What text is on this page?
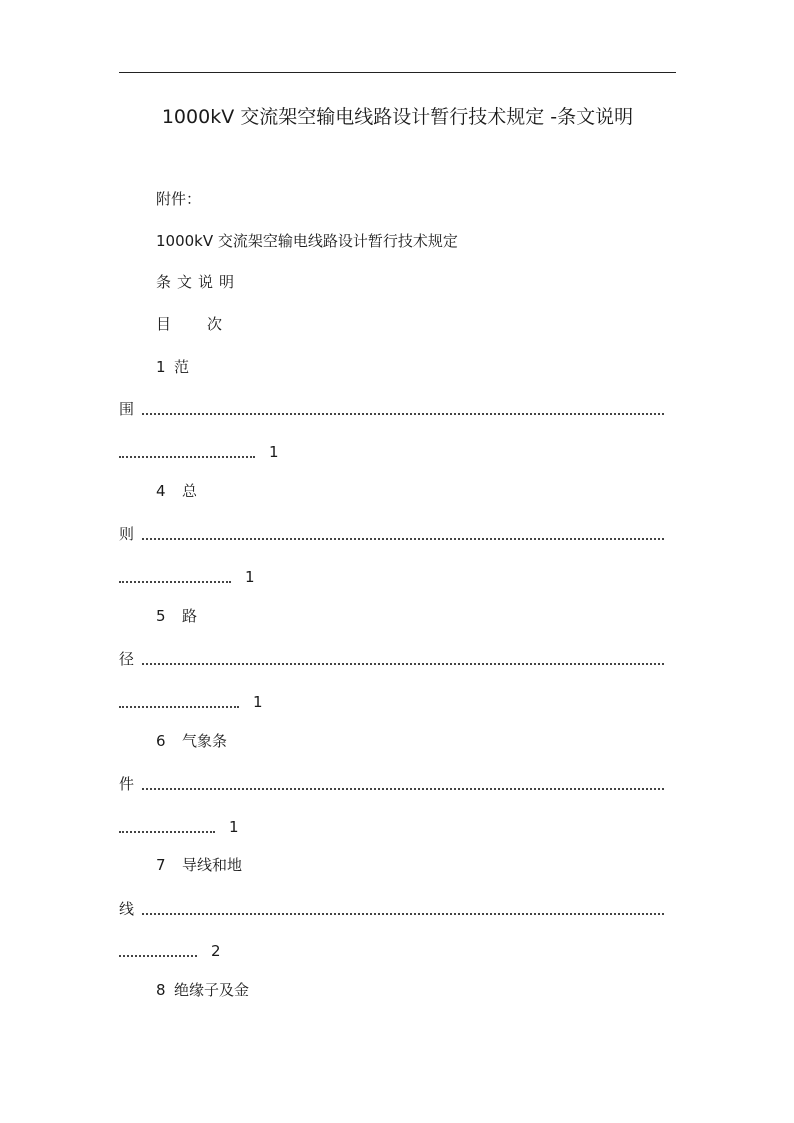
1000kV 交流架空输电线路设计暂行技术规定 -条文说明
附件：
1000kV 交流架空输电线路设计暂行技术规定
条文说明
目 次
1 范
围
1
4 总
则
1
5 路
径
1
6 气象条
件
1
7 导线和地
线
2
8 绝缘子及金
